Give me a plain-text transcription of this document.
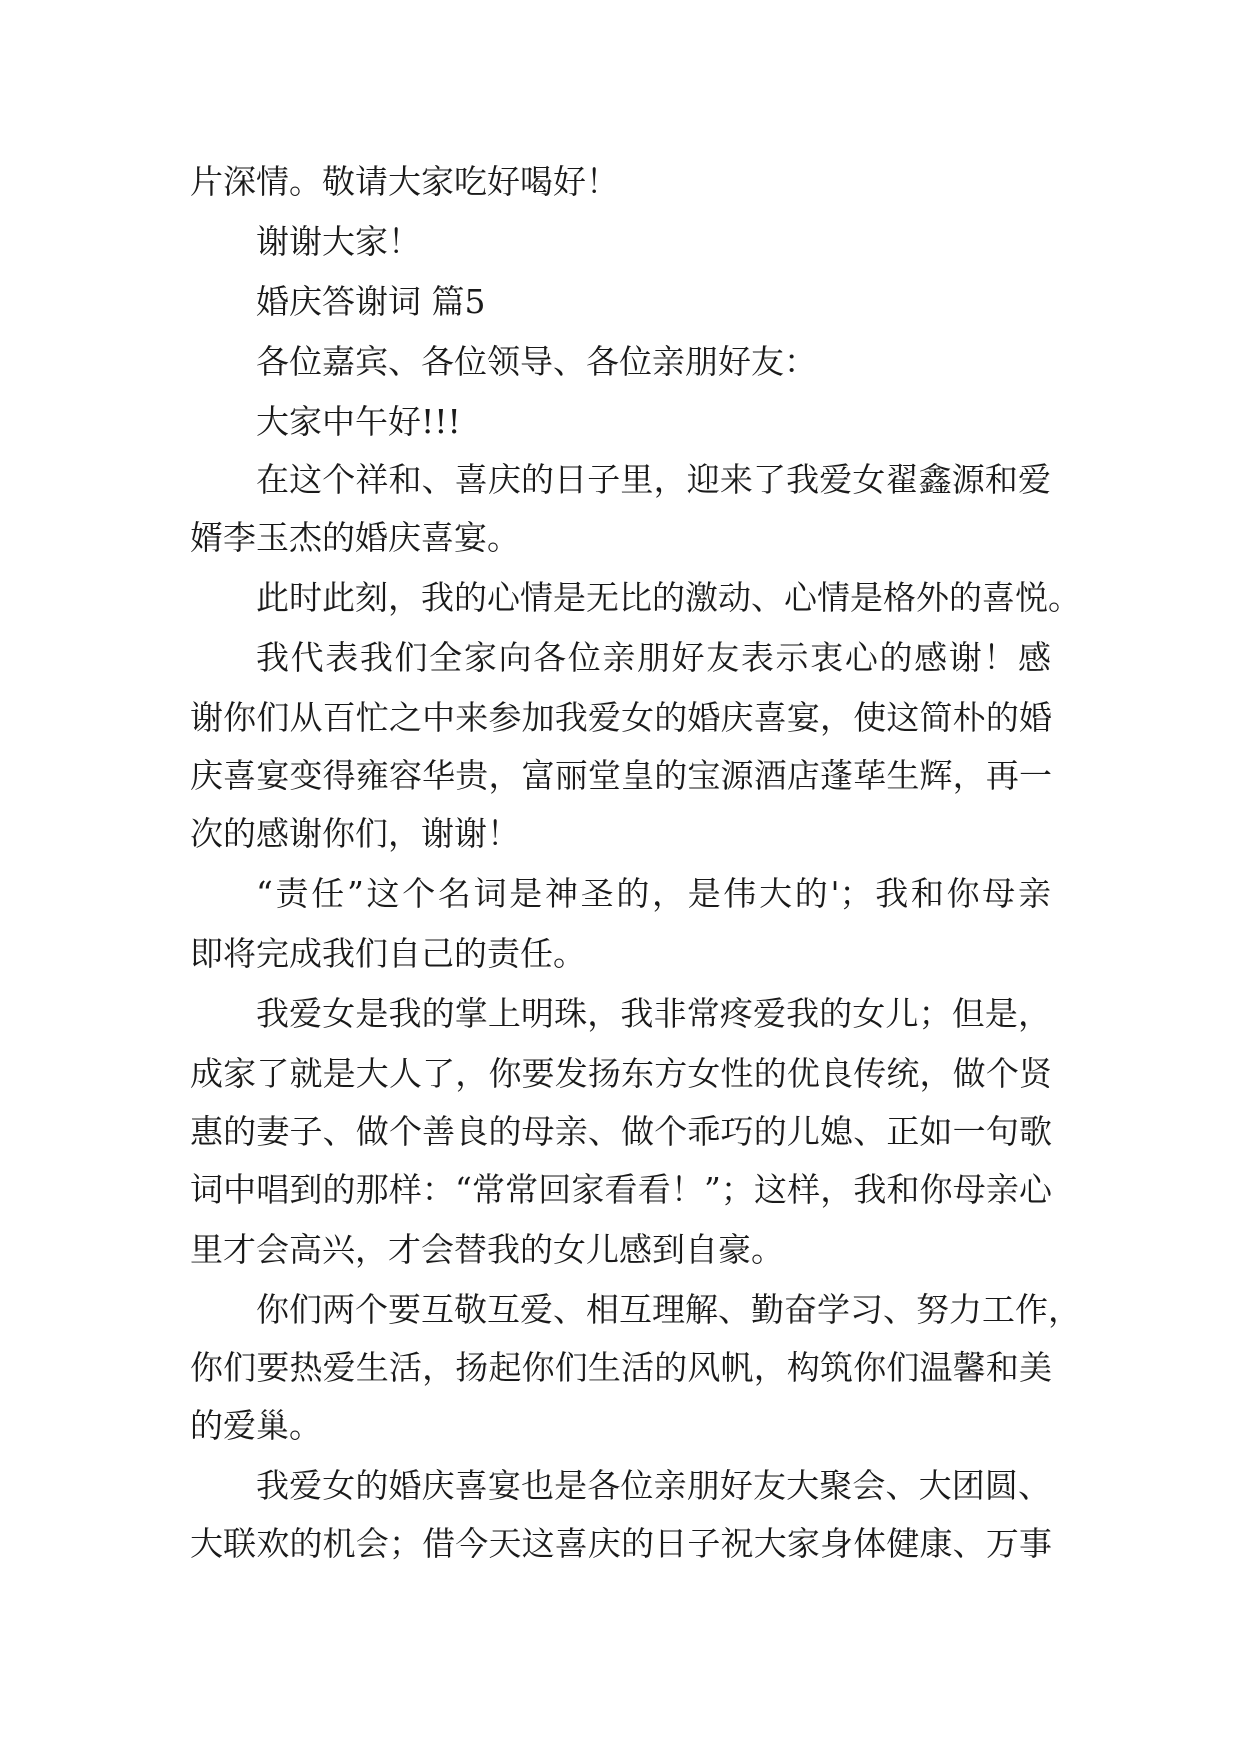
片深情。敬请大家吃好喝好！
谢谢大家！
婚庆答谢词 篇5
各位嘉宾、各位领导、各位亲朋好友：
大家中午好!!!
在这个祥和、喜庆的日子里，迎来了我爱女翟鑫源和爱
婿李玉杰的婚庆喜宴。
此时此刻，我的心情是无比的激动、心情是格外的喜悦。
我代表我们全家向各位亲朋好友表示衷心的感谢！感
谢你们从百忙之中来参加我爱女的婚庆喜宴，使这简朴的婚
庆喜宴变得雍容华贵，富丽堂皇的宝源酒店蓬荜生辉，再一
次的感谢你们，谢谢！
“责任”这个名词是神圣的，是伟大的'；我和你母亲
即将完成我们自己的责任。
我爱女是我的掌上明珠，我非常疼爱我的女儿；但是，
成家了就是大人了，你要发扬东方女性的优良传统，做个贤
惠的妻子、做个善良的母亲、做个乖巧的儿媳、正如一句歌
词中唱到的那样：“常常回家看看！”；这样，我和你母亲心
里才会高兴，才会替我的女儿感到自豪。
你们两个要互敬互爱、相互理解、勤奋学习、努力工作，
你们要热爱生活，扬起你们生活的风帆，构筑你们温馨和美
的爱巢。
我爱女的婚庆喜宴也是各位亲朋好友大聚会、大团圆、
大联欢的机会；借今天这喜庆的日子祝大家身体健康、万事
